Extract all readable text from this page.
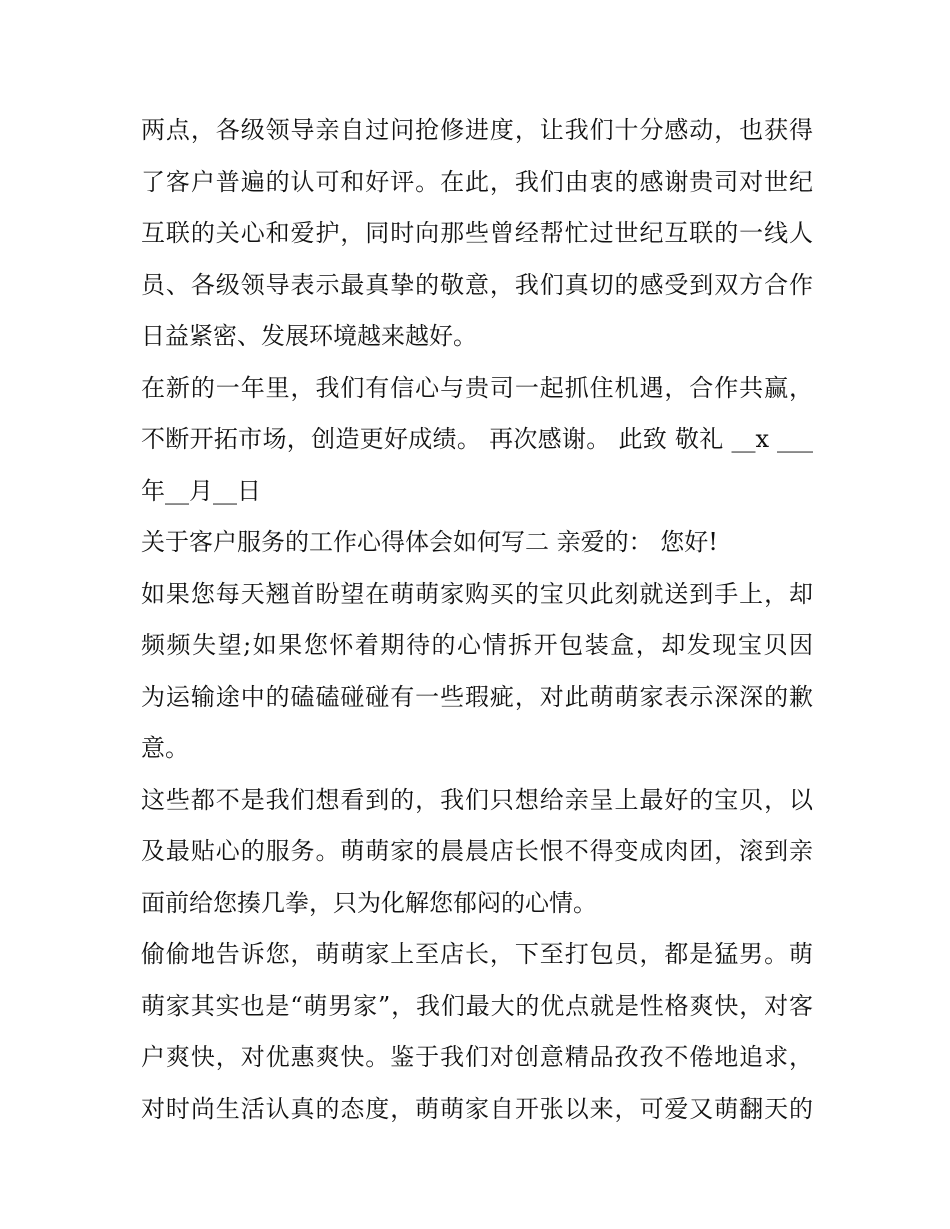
两点，各级领导亲自过问抢修进度，让我们十分感动，也获得
了客户普遍的认可和好评。在此，我们由衷的感谢贵司对世纪
互联的关心和爱护，同时向那些曾经帮忙过世纪互联的一线人
员、各级领导表示最真挚的敬意，我们真切的感受到双方合作
日益紧密、发展环境越来越好。
在新的一年里，我们有信心与贵司一起抓住机遇，合作共赢，
不断开拓市场，创造更好成绩。 再次感谢。 此致 敬礼 __x ___
年__月__日
关于客户服务的工作心得体会如何写二 亲爱的： 您好!
如果您每天翘首盼望在萌萌家购买的宝贝此刻就送到手上，却
频频失望;如果您怀着期待的心情拆开包装盒，却发现宝贝因
为运输途中的磕磕碰碰有一些瑕疵，对此萌萌家表示深深的歉
意。
这些都不是我们想看到的，我们只想给亲呈上最好的宝贝，以
及最贴心的服务。萌萌家的晨晨店长恨不得变成肉团，滚到亲
面前给您揍几拳，只为化解您郁闷的心情。
偷偷地告诉您，萌萌家上至店长，下至打包员，都是猛男。萌
萌家其实也是“萌男家”，我们最大的优点就是性格爽快，对客
户爽快，对优惠爽快。鉴于我们对创意精品孜孜不倦地追求，
对时尚生活认真的态度，萌萌家自开张以来，可爱又萌翻天的
